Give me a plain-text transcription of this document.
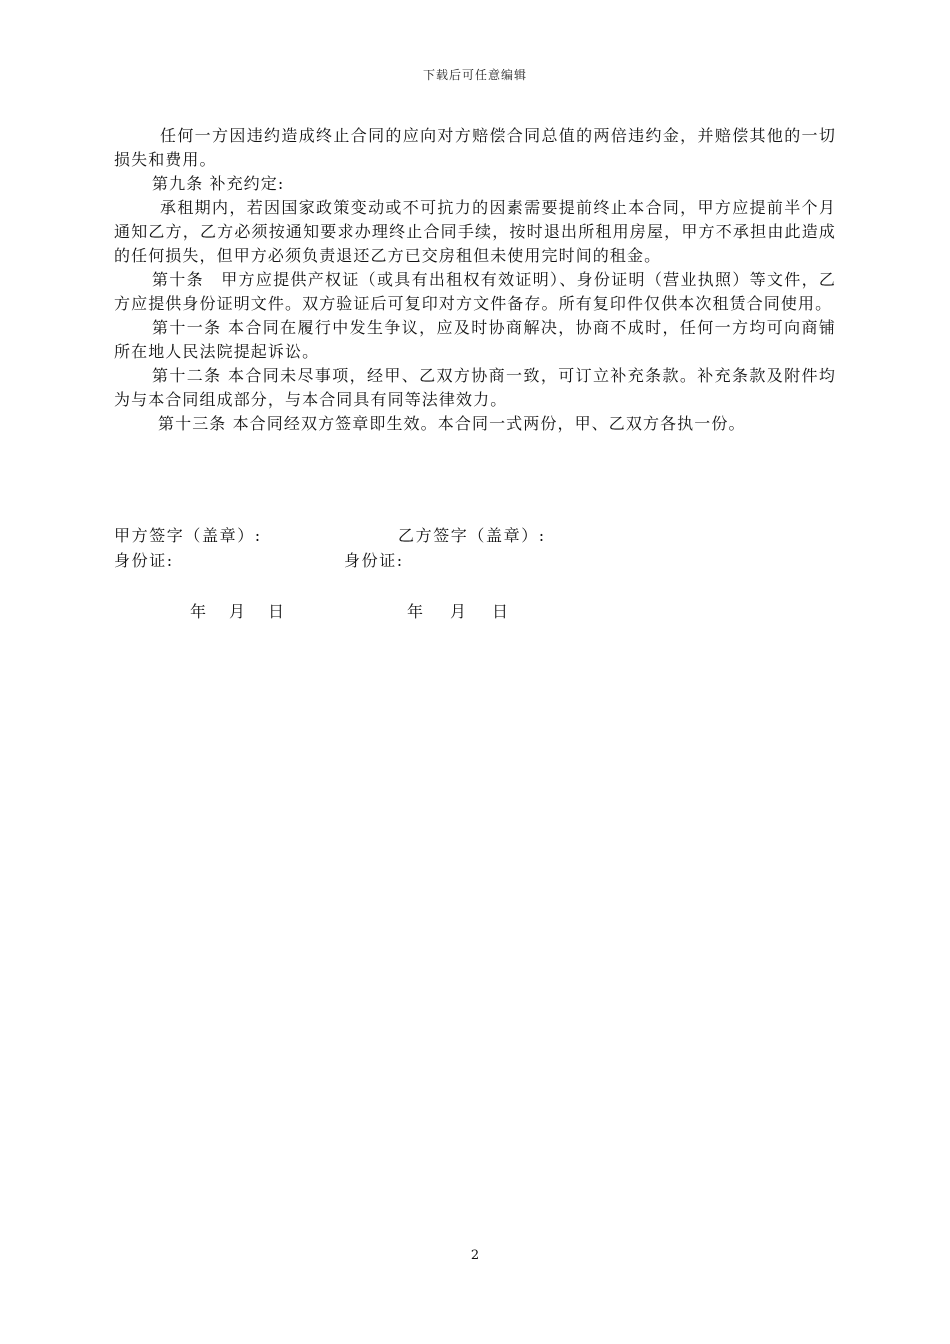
下载后可任意编辑

任何一方因违约造成终止合同的应向对方赔偿合同总值的两倍违约金，并赔偿其他的一切损失和费用。

第九条 补充约定:

承租期内，若因国家政策变动或不可抗力的因素需要提前终止本合同，甲方应提前半个月通知乙方，乙方必须按通知要求办理终止合同手续，按时退出所租用房屋，甲方不承担由此造成的任何损失，但甲方必须负责退还乙方已交房租但未使用完时间的租金。

第十条　甲方应提供产权证（或具有出租权有效证明）、身份证明（营业执照）等文件，乙方应提供身份证明文件。双方验证后可复印对方文件备存。所有复印件仅供本次租赁合同使用。

第十一条 本合同在履行中发生争议，应及时协商解决，协商不成时，任何一方均可向商铺所在地人民法院提起诉讼。

第十二条 本合同未尽事项，经甲、乙双方协商一致，可订立补充条款。补充条款及附件均为与本合同组成部分，与本合同具有同等法律效力。

第十三条 本合同经双方签章即生效。本合同一式两份，甲、乙双方各执一份。

甲方签字（盖章）:	乙方签字（盖章）:
身份证:	身份证:
年 月 日	年 月 日
2
